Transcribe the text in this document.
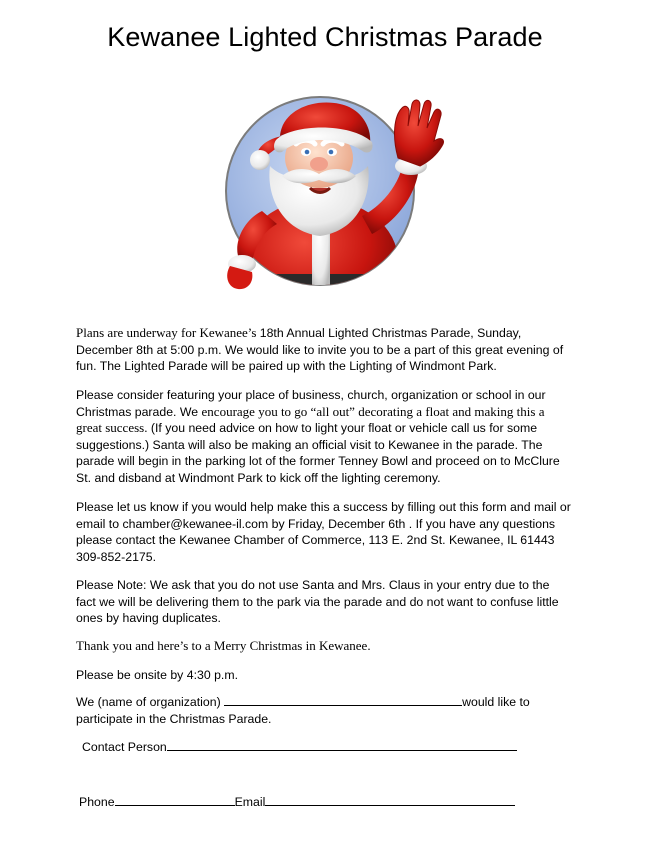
Kewanee Lighted Christmas Parade

Plans are underway for Kewanee’s 18th Annual Lighted Christmas Parade, Sunday, December 8th at 5:00 p.m. We would like to invite you to be a part of this great evening of fun. The Lighted Parade will be paired up with the Lighting of Windmont Park.

Please consider featuring your place of business, church, organization or school in our Christmas parade. We encourage you to go “all out” decorating a float and making this a great success. (If you need advice on how to light your float or vehicle call us for some suggestions.) Santa will also be making an official visit to Kewanee in the parade. The parade will begin in the parking lot of the former Tenney Bowl and proceed on to McClure St. and disband at Windmont Park to kick off the lighting ceremony.

Please let us know if you would help make this a success by filling out this form and mail or email to chamber@kewanee-il.com by Friday, December 6th . If you have any questions please contact the Kewanee Chamber of Commerce, 113 E. 2nd St. Kewanee, IL 61443 309-852-2175.

Please Note: We ask that you do not use Santa and Mrs. Claus in your entry due to the fact we will be delivering them to the park via the parade and do not want to confuse little ones by having duplicates.

Thank you and here’s to a Merry Christmas in Kewanee.

Please be onsite by 4:30 p.m.

We (name of organization)	would like to participate in the Christmas Parade.

Contact Person

Phone	Email
